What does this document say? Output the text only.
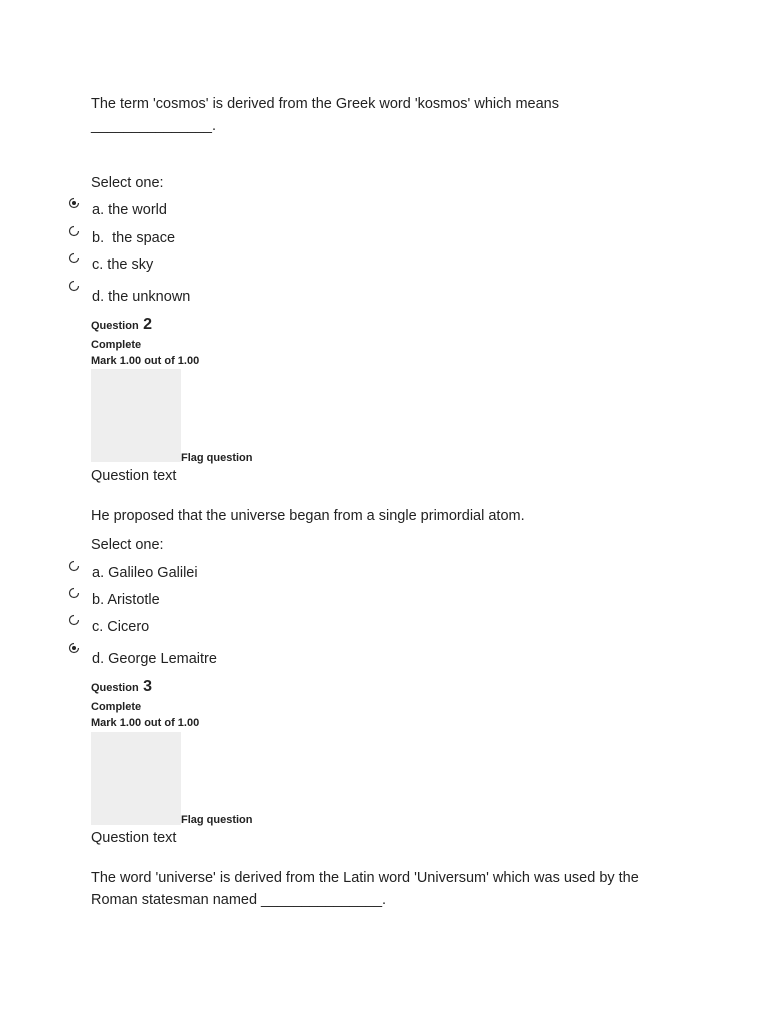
The term 'cosmos' is derived from the Greek word 'kosmos' which means
_______________.
Select one:
a. the world
b.  the space
c. the sky
d. the unknown
Question 2
Complete
Mark 1.00 out of 1.00
Flag question
Question text
He proposed that the universe began from a single primordial atom.
Select one:
a. Galileo Galilei
b. Aristotle
c. Cicero
d. George Lemaitre
Question 3
Complete
Mark 1.00 out of 1.00
Flag question
Question text
The word 'universe' is derived from the Latin word 'Universum' which was used by the
Roman statesman named _______________.
